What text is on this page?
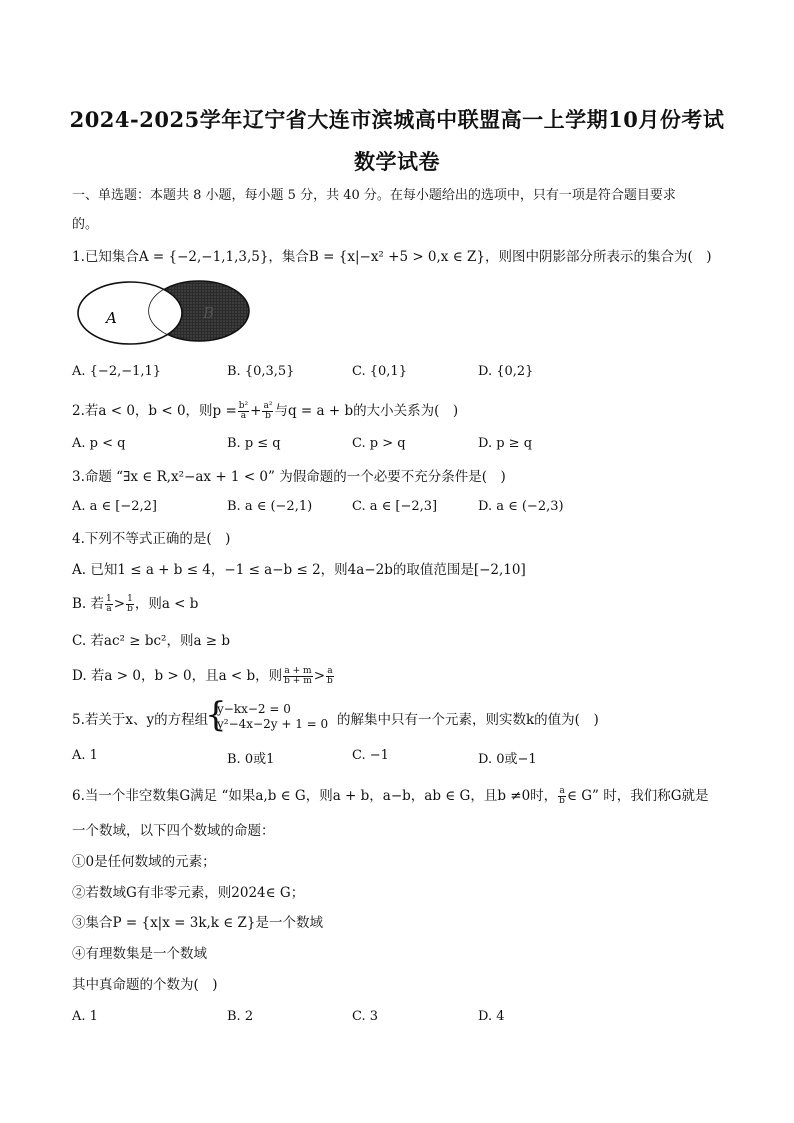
2024-2025学年辽宁省大连市滨城高中联盟高一上学期10月份考试
数学试卷
一、单选题：本题共 8 小题，每小题 5 分，共 40 分。在每小题给出的选项中，只有一项是符合题目要求
的。
1.已知集合A = {−2,−1,1,3,5}，集合B = {x|−x² +5 > 0,x ∈ Z}，则图中阴影部分所表示的集合为(　)
A	B
A. {−2,−1,1}	B. {0,3,5}	C. {0,1}	D. {0,2}
2.若a < 0，b < 0，则$p = \frac{\text{b²}}{a} + \frac{\text{a²}}{b}$ 与q = a + b的大小关系为(　)
A. p < q	B. p ≤ q	C. p > q	D. p ≥ q
3.命题 “∃x ∈ R,x²−ax + 1 < 0” 为假命题的一个必要不充分条件是(　)
A. a ∈ [−2,2]	B. a ∈ (−2,1)	C. a ∈ [−2,3]	D. a ∈ (−2,3)
4.下列不等式正确的是(　)
A. 已知1 ≤ a + b ≤ 4，−1 ≤ a−b ≤ 2，则4a−2b的取值范围是[−2,10]
B. 若 $\frac{1}{a} > \frac{1}{b}$ ，则a < b
C. 若ac² ≥ bc²，则a ≥ b
D. 若a > 0，b > 0，且a < b，则 $\frac{a + m}{b + m} > \frac{a}{b}$
5.若关于x、y的方程组
{
y−kx−2 = 0
y²−4x−2y + 1 = 0 的解集中只有一个元素，则实数k的值为(　)
A. 1	B. 0或1	C. −1	D. 0或−1
6.当一个非空数集G满足 “如果a,b ∈ G，则a + b，a−b，ab ∈ G，且b ≠0时， $\frac{a}{b}$ ∈ G” 时，我们称G就是
一个数域，以下四个数域的命题：
①0是任何数域的元素；
②若数域G有非零元素，则2024∈ G；
③集合P = {x|x = 3k,k ∈ Z}是一个数域
④有理数集是一个数域
其中真命题的个数为(　)
A. 1	B. 2	C. 3	D. 4
